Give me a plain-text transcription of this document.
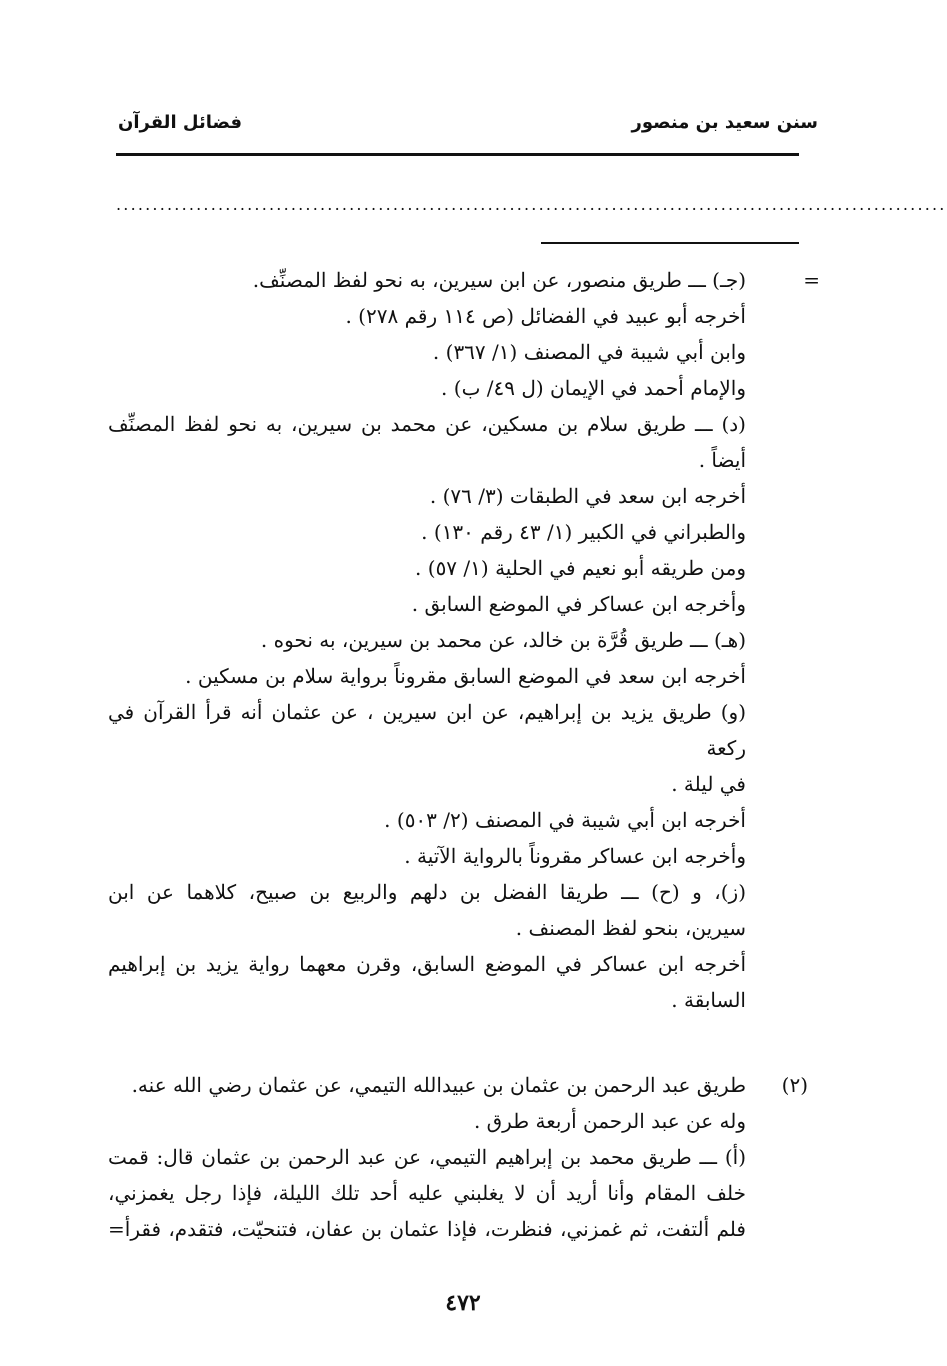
سنن سعيد بن منصور
فضائل القرآن
..................................................................................................................
=
(جـ) ـــ طريق منصور، عن ابن سيرين، به نحو لفظ المصنِّف.
أخرجه أبو عبيد في الفضائل (ص ١١٤ رقم ٢٧٨) .
وابن أبي شيبة في المصنف (١/ ٣٦٧) .
والإمام أحمد في الإيمان (ل ٤٩/ ب) .
(د) ـــ طريق سلام بن مسكين، عن محمد بن سيرين، به نحو لفظ المصنِّف
أيضاً .
أخرجه ابن سعد في الطبقات (٣/ ٧٦) .
والطبراني في الكبير (١/ ٤٣ رقم ١٣٠) .
ومن طريقه أبو نعيم في الحلية (١/ ٥٧) .
وأخرجه ابن عساكر في الموضع السابق .
(هـ) ـــ طريق قُرَّة بن خالد، عن محمد بن سيرين، به نحوه .
أخرجه ابن سعد في الموضع السابق مقروناً برواية سلام بن مسكين .
(و) طريق يزيد بن إبراهيم، عن ابن سيرين ، عن عثمان أنه قرأ القرآن في ركعة
في ليلة .
أخرجه ابن أبي شيبة في المصنف (٢/ ٥٠٣) .
وأخرجه ابن عساكر مقروناً بالرواية الآتية .
(ز)، و (ح) ـــ طريقا الفضل بن دلهم والربيع بن صبيح، كلاهما عن ابن
سيرين، بنحو لفظ المصنف .
أخرجه ابن عساكر في الموضع السابق، وقرن معهما رواية يزيد بن إبراهيم
السابقة .
(٢)
طريق عبد الرحمن بن عثمان بن عبيدالله التيمي، عن عثمان رضي الله عنه.
وله عن عبد الرحمن أربعة طرق .
(أ) ـــ طريق محمد بن إبراهيم التيمي، عن عبد الرحمن بن عثمان قال: قمت
خلف المقام وأنا أريد أن لا يغلبني عليه أحد تلك الليلة، فإذا رجل يغمزني،
فلم ألتفت، ثم غمزني، فنظرت، فإذا عثمان بن عفان، فتنحيّت، فتقدم، فقرأ=
٤٧٢
